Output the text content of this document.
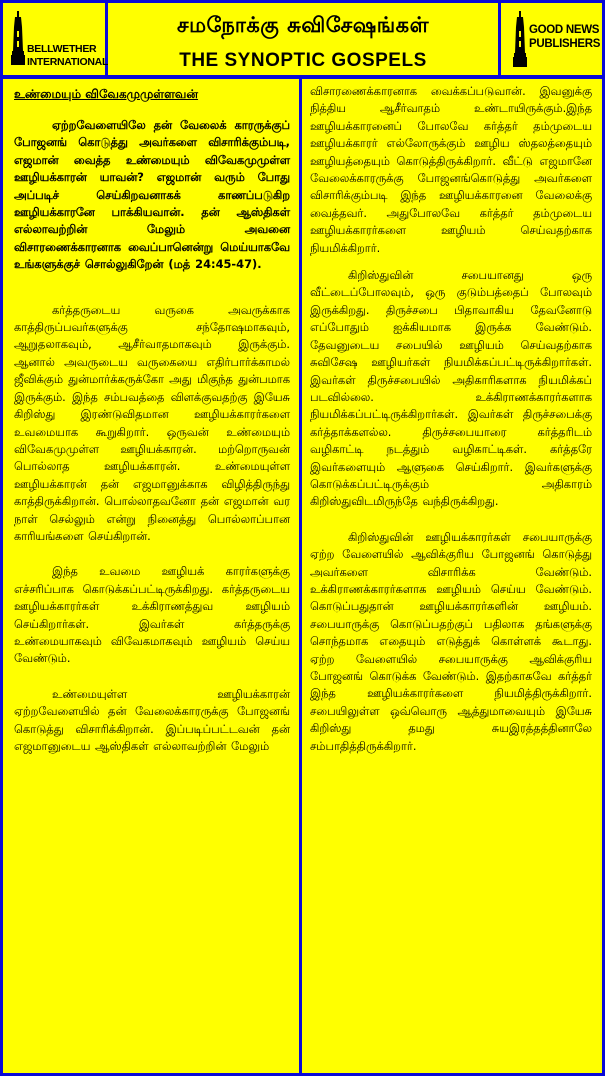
BELLWETHER
INTERNATIONAL
சமநோக்கு சுவிசேஷங்கள்
THE SYNOPTIC GOSPELS
GOOD NEWS
PUBLISHERS
உண்மையும் விவேகமுமுள்ளவன்

ஏற்றவேளையிலே தன் வேலைக் காரருக்குப் போஜனங் கொடுத்து அவர்களை விசாரிக்கும்படி, எஜமான் வைத்த உண்மையும் விவேகமுமுள்ள ஊழியக்காரன் யாவன்? எஜமான் வரும் போது அப்படிச் செய்கிறவனாகக் காணப்படுகிற ஊழியக்காரனே பாக்கியவான். தன் ஆஸ்திகள் எல்லாவற்றின் மேலும் அவனை விசாரணைக்காரனாக வைப்பானென்று மெய்யாகவே உங்களுக்குச் சொல்லுகிறேன் (மத் 24:45-47).

கர்த்தருடைய வருகை அவருக்காக காத்திருப்பவர்களுக்கு சந்தோஷமாகவும், ஆறுதலாகவும், ஆசீர்வாதமாகவும் இருக்கும். ஆனால் அவருடைய வருகையை எதிர்பார்க்காமல் ஜீவிக்கும் துன்மார்க்கருக்கோ அது மிகுந்த துன்பமாக இருக்கும். இந்த சம்பவத்தை விளக்குவதற்கு இயேசு கிறிஸ்து இரண்டுவிதமான ஊழியக்காரர்களை உவமையாக கூறுகிறார். ஒருவன் உண்மையும் விவேகமுமுள்ள ஊழியக்காரன். மற்றொருவன் பொல்லாத ஊழியக்காரன். உண்மையுள்ள ஊழியக்காரன் தன் எஜமானுக்காக விழித்திருந்து காத்திருக்கிறான். பொல்லாதவனோ தன் எஜமான் வர நாள் செல்லும் என்று நினைத்து பொல்லாப்பான காரியங்களை செய்கிறான்.

இந்த உவமை ஊழியக் காரர்களுக்கு எச்சரிப்பாக கொடுக்கப்பட்டிருக்கிறது. கர்த்தருடைய ஊழியக்காரர்கள் உக்கிராணத்துவ ஊழியம் செய்கிறார்கள். இவர்கள் கர்த்தருக்கு உண்மையாகவும் விவேகமாகவும் ஊழியம் செய்ய வேண்டும்.

உண்மையுள்ள ஊழியக்காரன் ஏற்றவேளையில் தன் வேலைக்காரருக்கு போஜனங் கொடுத்து விசாரிக்கிறான். இப்படிப்பட்டவன் தன் எஜமானுடைய ஆஸ்திகள் எல்லாவற்றின் மேலும்

விசாரணைக்காரனாக வைக்கப்படுவான். இவனுக்கு நித்திய ஆசீர்வாதம் உண்டாயிருக்கும்.இந்த ஊழியக்காரனைப் போலவே கர்த்தர் தம்முடைய ஊழியக்காரர் எல்லோருக்கும் ஊழிய ஸ்தலத்தையும் ஊழியத்தையும் கொடுத்திருக்கிறார். வீட்டு எஜமானே வேலைக்காரருக்கு போஜனங்கொடுத்து அவர்களை விசாரிக்கும்படி இந்த ஊழியக்காரனை வேலைக்கு வைத்தவர். அதுபோலவே கர்த்தர் தம்முடைய ஊழியக்காரர்களை ஊழியம் செய்வதற்காக நியமிக்கிறார்.

கிறிஸ்துவின் சபையானது ஒரு வீட்டைப்போலவும், ஒரு குடும்பத்தைப் போலவும் இருக்கிறது. திருச்சபை பிதாவாகிய தேவனோடு எப்போதும் ஐக்கியமாக இருக்க வேண்டும். தேவனுடைய சபையில் ஊழியம் செய்வதற்காக சுவிசேஷ ஊழியர்கள் நியமிக்கப்பட்டிருக்கிறார்கள். இவர்கள் திருச்சபையில் அதிகாரிகளாக நியமிக்கப் படவில்லை. உக்கிராணக்காரர்களாக நியமிக்கப்பட்டிருக்கிறார்கள். இவர்கள் திருச்சபைக்கு கர்த்தாக்களல்ல. திருச்சபையாரை கர்த்தரிடம் வழிகாட்டி நடத்தும் வழிகாட்டிகள். கர்த்தரே இவர்களையும் ஆளுகை செய்கிறார். இவர்களுக்கு கொடுக்கப்பட்டிருக்கும் அதிகாரம் கிறிஸ்துவிடமிருந்தே வந்திருக்கிறது.

கிறிஸ்துவின் ஊழியக்காரர்கள் சபையாருக்கு ஏற்ற வேளையில் ஆவிக்குரிய போஜனங் கொடுத்து அவர்களை விசாரிக்க வேண்டும். உக்கிராணக்காரர்களாக ஊழியம் செய்ய வேண்டும். கொடுப்பதுதான் ஊழியக்காரர்களின் ஊழியம். சபையாருக்கு கொடுப்பதற்குப் பதிலாக தங்களுக்கு சொந்தமாக எதையும் எடுத்துக் கொள்ளக் கூடாது. ஏற்ற வேளையில் சபையாருக்கு ஆவிக்குரிய போஜனங் கொடுக்க வேண்டும். இதற்காகவே கர்த்தர் இந்த ஊழியக்காரர்களை நியமித்திருக்கிறார். சபையிலுள்ள ஒவ்வொரு ஆத்துமாவையும் இயேசு கிறிஸ்து தமது சுயஇரத்தத்தினாலே சம்பாதித்திருக்கிறார்.
